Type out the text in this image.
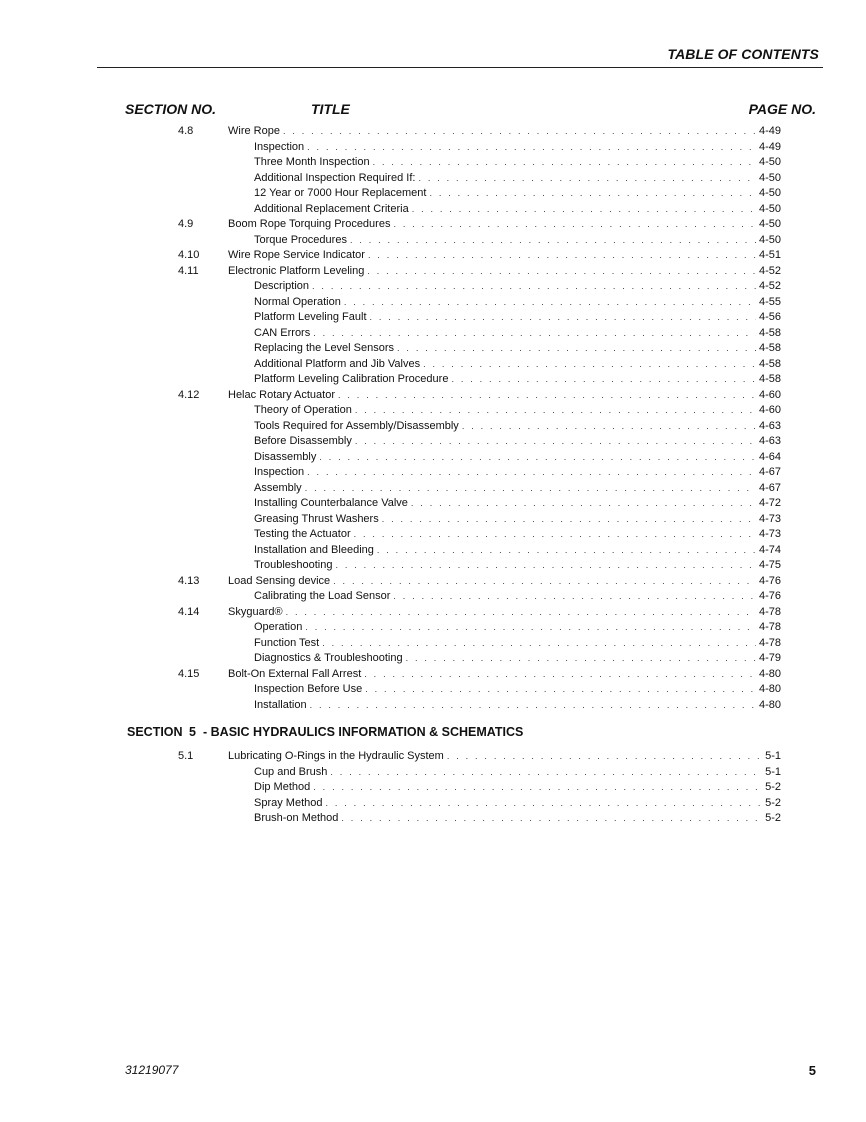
TABLE OF CONTENTS
SECTION NO.	TITLE	PAGE NO.
4.8	Wire Rope . . .	4-49
Inspection . . .	4-49
Three Month Inspection . . .	4-50
Additional Inspection Required If: . . .	4-50
12 Year or 7000 Hour Replacement . . .	4-50
Additional Replacement Criteria . . .	4-50
4.9	Boom Rope Torquing Procedures . . .	4-50
Torque Procedures . . .	4-50
4.10	Wire Rope Service Indicator . . .	4-51
4.11	Electronic Platform Leveling . . .	4-52
Description . . .	4-52
Normal Operation . . .	4-55
Platform Leveling Fault . . .	4-56
CAN Errors . . .	4-58
Replacing the Level Sensors . . .	4-58
Additional Platform and Jib Valves . . .	4-58
Platform Leveling Calibration Procedure . . .	4-58
4.12	Helac Rotary Actuator . . .	4-60
Theory of Operation . . .	4-60
Tools Required for Assembly/Disassembly . . .	4-63
Before Disassembly . . .	4-63
Disassembly . . .	4-64
Inspection . . .	4-67
Assembly . . .	4-67
Installing Counterbalance Valve . . .	4-72
Greasing Thrust Washers . . .	4-73
Testing the Actuator . . .	4-73
Installation and Bleeding . . .	4-74
Troubleshooting . . .	4-75
4.13	Load Sensing device . . .	4-76
Calibrating the Load Sensor . . .	4-76
4.14	Skyguard® . . .	4-78
Operation . . .	4-78
Function Test . . .	4-78
Diagnostics & Troubleshooting . . .	4-79
4.15	Bolt-On External Fall Arrest . . .	4-80
Inspection Before Use . . .	4-80
Installation . . .	4-80
SECTION 5 - BASIC HYDRAULICS INFORMATION & SCHEMATICS
5.1	Lubricating O-Rings in the Hydraulic System . . .	5-1
Cup and Brush . . .	5-1
Dip Method . . .	5-2
Spray Method . . .	5-2
Brush-on Method . . .	5-2
31219077	5
